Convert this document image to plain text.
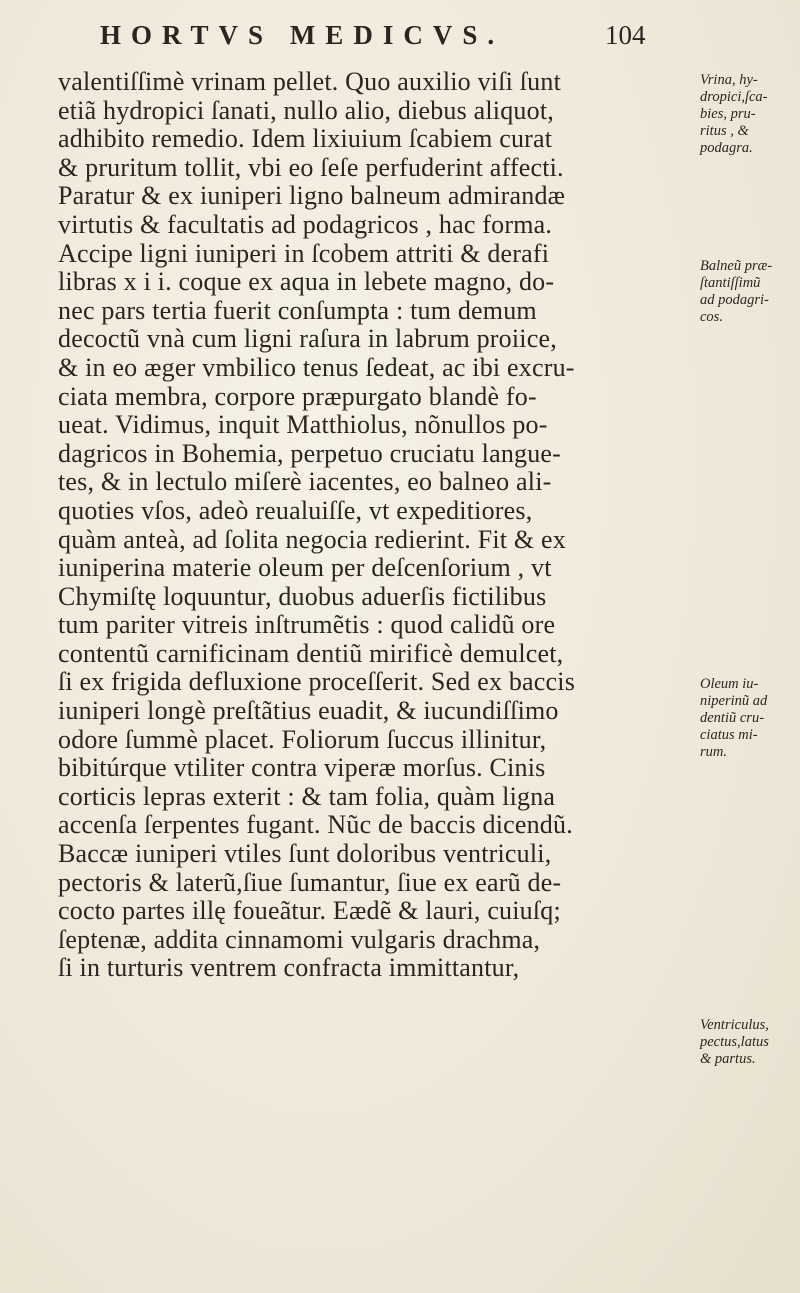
HORTVS MEDICVS.	104
valentiſſimè vrinam pellet. Quo auxilio viſi ſunt
etiã hydropici ſanati, nullo alio, diebus aliquot,
adhibito remedio. Idem lixiuium ſcabiem curat
& pruritum tollit, vbi eo ſeſe perfuderint affecti.
Paratur & ex iuniperi ligno balneum admirandæ
virtutis & facultatis ad podagricos , hac forma.
Accipe ligni iuniperi in ſcobem attriti & derafi
libras x i i. coque ex aqua in lebete magno, do-
nec pars tertia fuerit conſumpta : tum demum
decoctũ vnà cum ligni raſura in labrum proiice,
& in eo æger vmbilico tenus ſedeat, ac ibi excru-
ciata membra, corpore præpurgato blandè fo-
ueat. Vidimus, inquit Matthiolus, nõnullos po-
dagricos in Bohemia, perpetuo cruciatu langue-
tes, & in lectulo miſerè iacentes, eo balneo ali-
quoties vſos, adeò reualuiſſe, vt expeditiores,
quàm anteà, ad ſolita negocia redierint. Fit & ex
iuniperina materie oleum per deſcenſorium , vt
Chymiſtę loquuntur, duobus aduerſis fictilibus
tum pariter vitreis inſtrumẽtis : quod calidũ ore
contentũ carnificinam dentiũ mirificè demulcet,
ſi ex frigida defluxione proceſſerit. Sed ex baccis
iuniperi longè preſtãtius euadit, & iucundiſſimo
odore ſummè placet. Foliorum ſuccus illinitur,
bibitúrque vtiliter contra viperæ morſus. Cinis
corticis lepras exterit : & tam folia, quàm ligna
accenſa ſerpentes fugant. Nũc de baccis dicendũ.
Baccæ iuniperi vtiles ſunt doloribus ventriculi,
pectoris & laterũ,ſiue ſumantur, ſiue ex earũ de-
cocto partes illę foueãtur. Eædẽ & lauri, cuiuſq;
ſeptenæ, addita cinnamomi vulgaris drachma,
ſi in turturis ventrem confracta immittantur,
Vrina, hy-
dropici,ſca-
bies, pru-
ritus , &
podagra.
Balneũ præ-
ſtantiſſimũ
ad podagri-
cos.
Oleum iu-
niperinũ ad
dentiũ cru-
ciatus mi-
rum.
Ventriculus,
pectus,latus
& partus.
